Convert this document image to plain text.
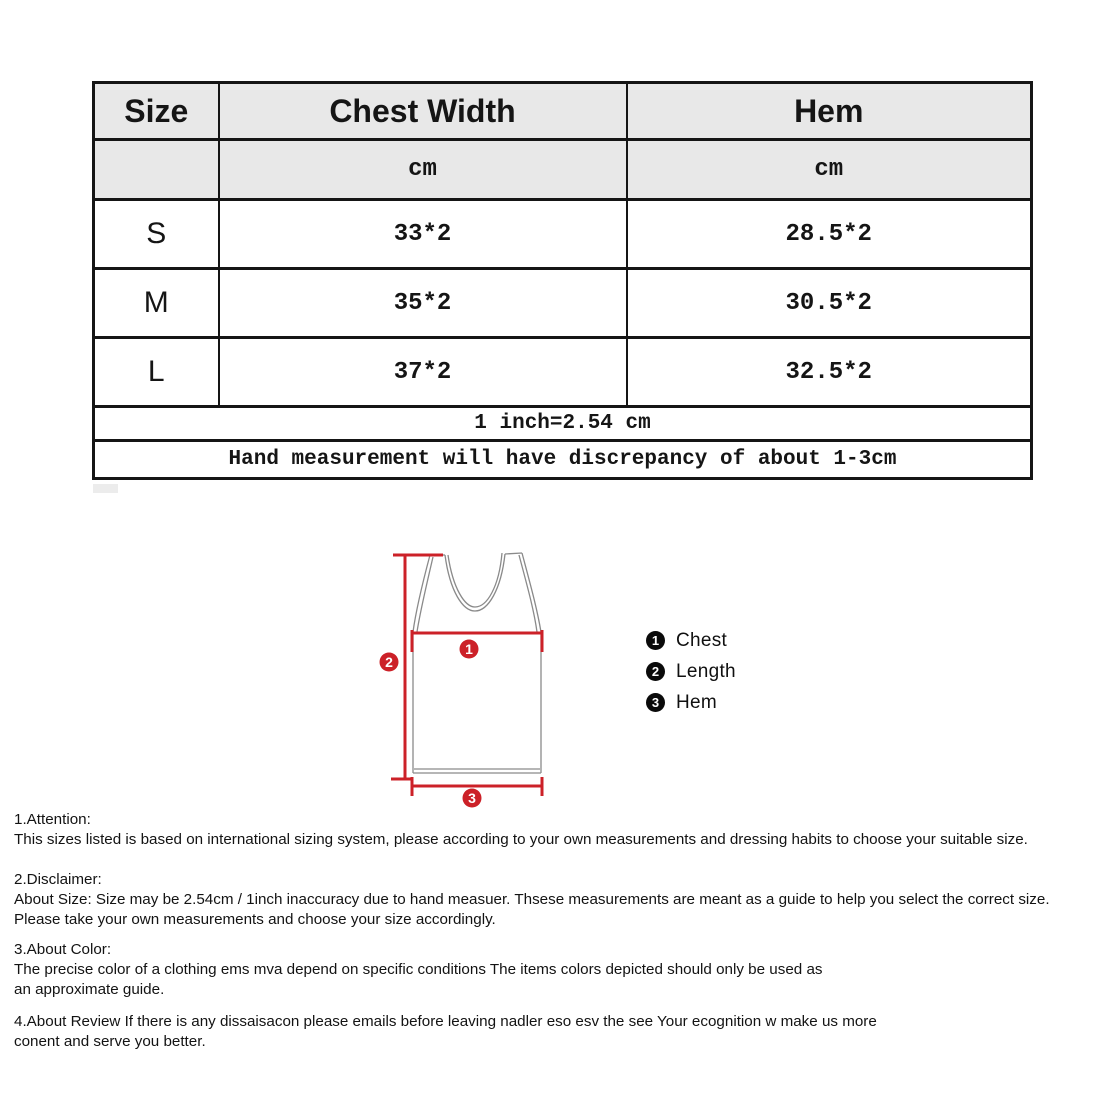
Size	Chest Width	Hem
	cm	cm
S	33*2	28.5*2
M	35*2	30.5*2
L	37*2	32.5*2
1 inch=2.54 cm		
Hand measurement will have discrepancy of about 1-3cm		
1
2
3
1 Chest
2 Length
3 Hem
1.Attention:
This sizes listed is based on international sizing system, please according to your own measurements and dressing habits to choose your suitable size.
2.Disclaimer:
About Size: Size may be 2.54cm / 1inch inaccuracy due to hand measuer. Thsese measurements are meant as a guide to help you select the correct size.
Please take your own measurements and choose your size accordingly.
3.About Color:
The precise color of a clothing ems mva depend on specific conditions The items colors depicted should only be used as
an approximate guide.
4.About Review If there is any dissaisacon please emails before leaving nadler eso esv the see Your ecognition w make us more
conent and serve you better.
